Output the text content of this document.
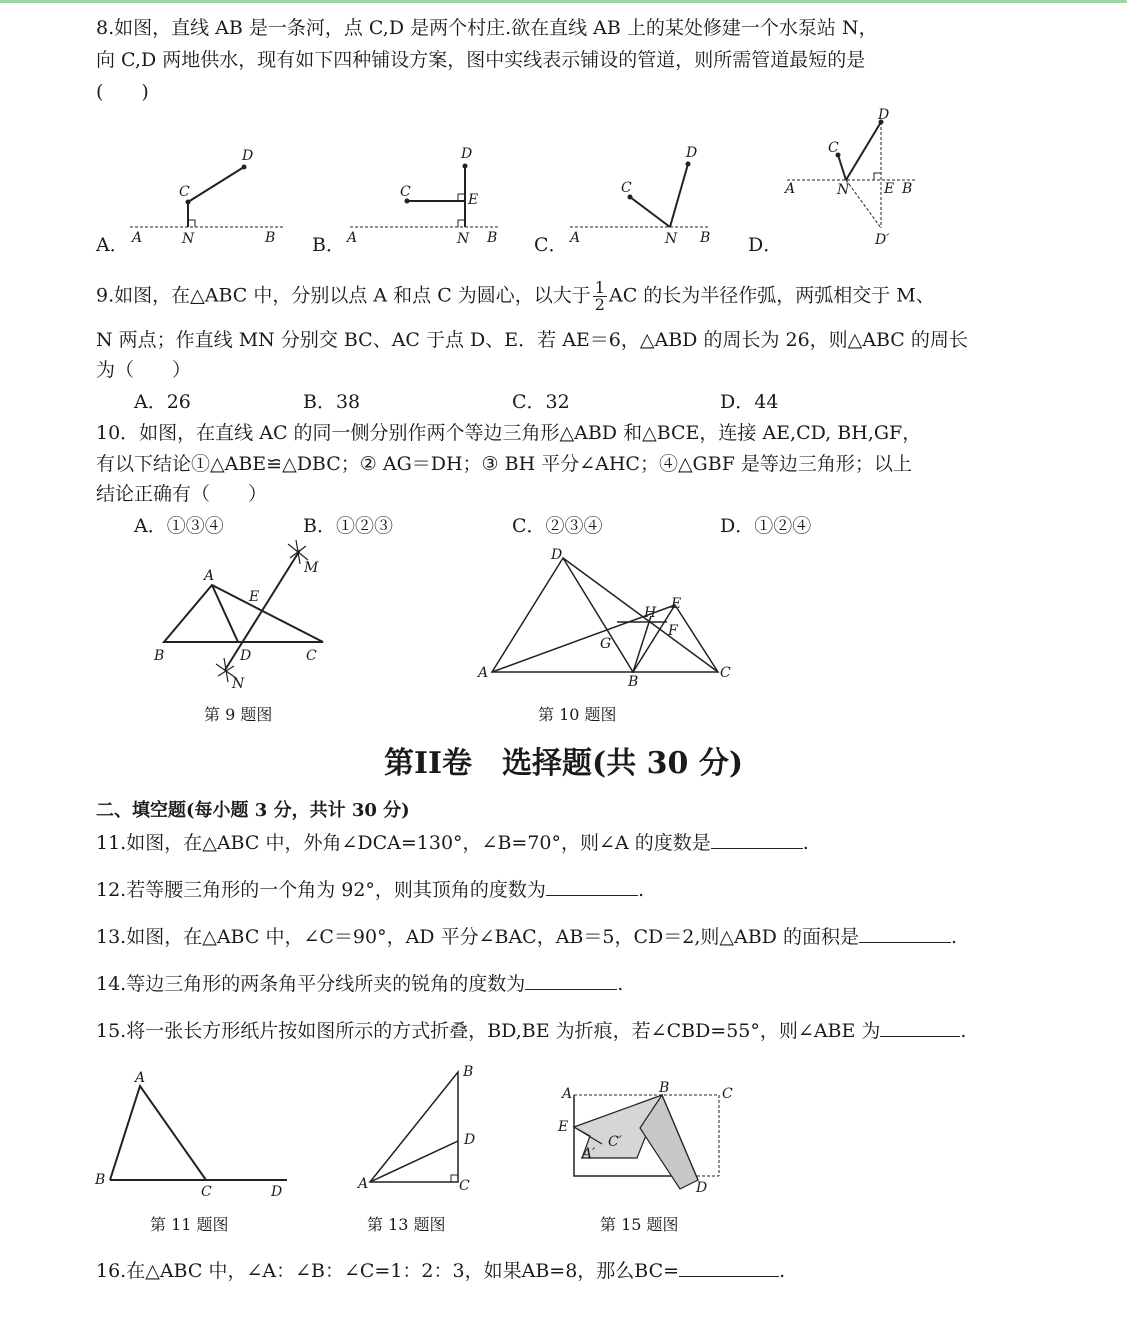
8.如图，直线 AB 是一条河，点 C,D 是两个村庄.欲在直线 AB 上的某处修建一个水泵站 N，
向 C,D 两地供水，现有如下四种铺设方案，图中实线表示铺设的管道，则所需管道最短的是
(　　)
A．	B．	C．	D．
A	N	B
C
D
A	N B
C	E
D
A	N B
C
D
A	N E B
C
D
D′
9.如图，在△ABC 中，分别以点 A 和点 C 为圆心，以大于 $\frac{1}{2}$ AC 的长为半径作弧，两弧相交于 M、
N 两点；作直线 MN 分别交 BC、AC 于点 D、E．若 AE＝6，△ABD 的周长为 26，则△ABC 的周长
为（　　）
A．26	B．38	C．32	D．44
10．如图，在直线 AC 的同一侧分别作两个等边三角形△ABD 和△BCE，连接 AE,CD, BH,GF，
有以下结论①△ABE≌△DBC；② AG＝DH；③ BH 平分∠AHC；④△GBF 是等边三角形；以上
结论正确有（　　）
A．①③④	B．①②③	C．②③④	D．①②④
A
B	C
D
E
M
N
第 9 题图
A
B
C
D
E
F
G
H
第 10 题图
第II卷　选择题(共 30 分)
二、填空题(每小题 3 分，共计 30 分)
11.如图，在△ABC 中，外角∠DCA=130°，∠B=70°，则∠A 的度数是	.
12.若等腰三角形的一个角为 92°，则其顶角的度数为	.
13.如图，在△ABC 中，∠C＝90°，AD 平分∠BAC，AB＝5，CD＝2,则△ABD 的面积是	.
14.等边三角形的两条角平分线所夹的锐角的度数为	.
15.将一张长方形纸片按如图所示的方式折叠，BD,BE 为折痕，若∠CBD=55°，则∠ABE 为	.
A
B
C	D
第 11 题图
A
B
C
D
第 13 题图
A	B	C
D
E
A′
C′
第 15 题图
16.在△ABC 中，∠A：∠B：∠C=1：2：3，如果AB=8，那么BC=	.
